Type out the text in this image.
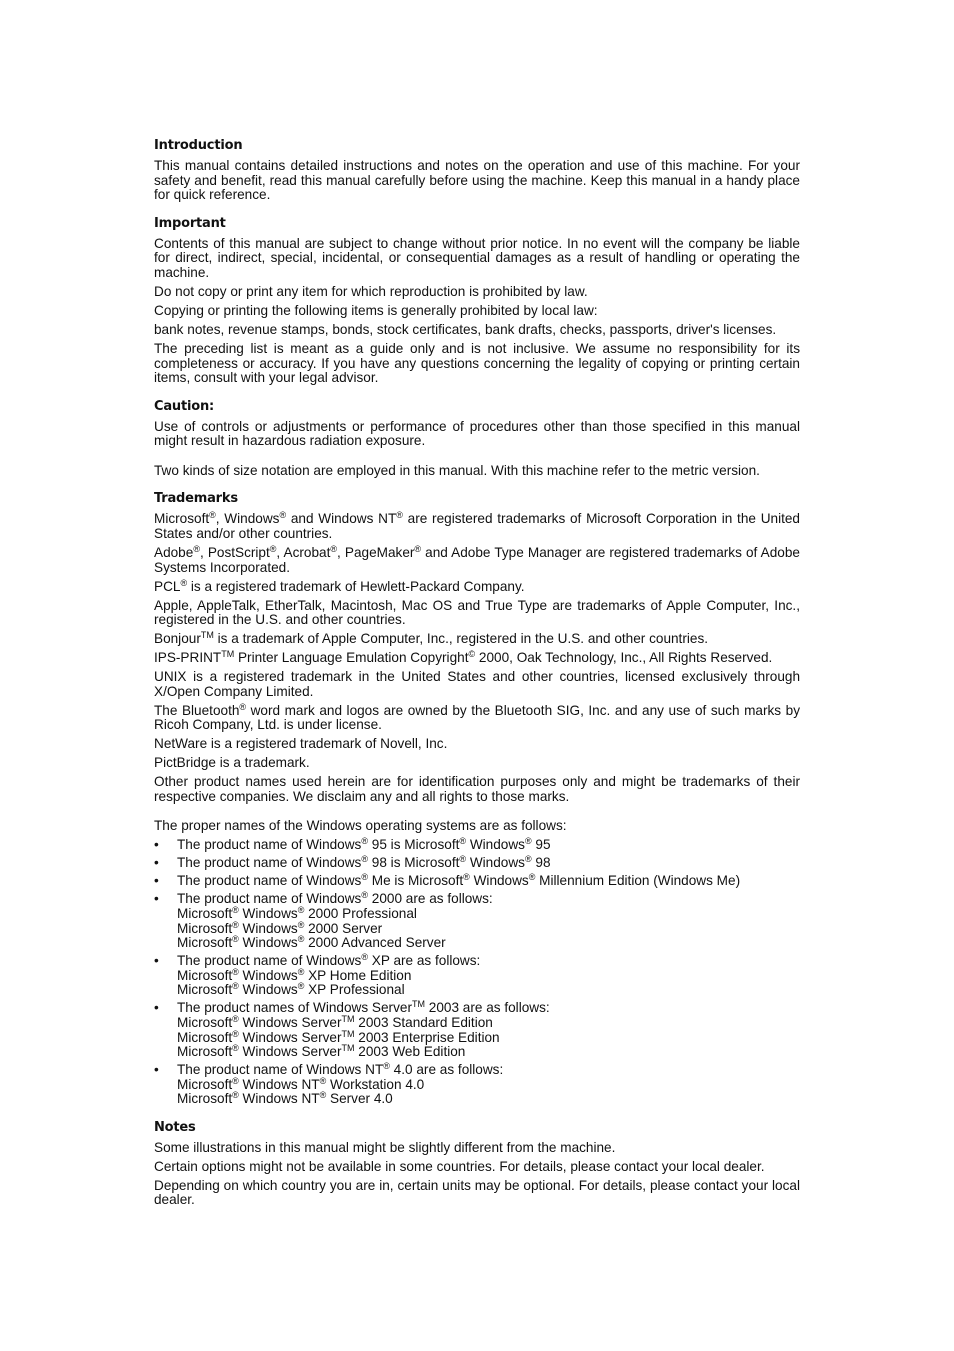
Introduction

This manual contains detailed instructions and notes on the operation and use of this machine. For your safety and benefit, read this manual carefully before using the machine. Keep this manual in a handy place for quick reference.

Important

Contents of this manual are subject to change without prior notice. In no event will the company be liable for direct, indirect, special, incidental, or consequential damages as a result of handling or operating the machine.

Do not copy or print any item for which reproduction is prohibited by law.

Copying or printing the following items is generally prohibited by local law:

bank notes, revenue stamps, bonds, stock certificates, bank drafts, checks, passports, driver's licenses.

The preceding list is meant as a guide only and is not inclusive. We assume no responsibility for its completeness or accuracy. If you have any questions concerning the legality of copying or printing certain items, consult with your legal advisor.

Caution:

Use of controls or adjustments or performance of procedures other than those specified in this manual might result in hazardous radiation exposure.

Two kinds of size notation are employed in this manual. With this machine refer to the metric version.

Trademarks

Microsoft®, Windows® and Windows NT® are registered trademarks of Microsoft Corporation in the United States and/or other countries.

Adobe®, PostScript®, Acrobat®, PageMaker® and Adobe Type Manager are registered trademarks of Adobe Systems Incorporated.

PCL® is a registered trademark of Hewlett-Packard Company.

Apple, AppleTalk, EtherTalk, Macintosh, Mac OS and True Type are trademarks of Apple Computer, Inc., registered in the U.S. and other countries.

Bonjour™ is a trademark of Apple Computer, Inc., registered in the U.S. and other countries.

IPS-PRINT™ Printer Language Emulation Copyright© 2000, Oak Technology, Inc., All Rights Reserved.

UNIX is a registered trademark in the United States and other countries, licensed exclusively through X/Open Company Limited.

The Bluetooth® word mark and logos are owned by the Bluetooth SIG, Inc. and any use of such marks by Ricoh Company, Ltd. is under license.

NetWare is a registered trademark of Novell, Inc.

PictBridge is a trademark.

Other product names used herein are for identification purposes only and might be trademarks of their respective companies. We disclaim any and all rights to those marks.

The proper names of the Windows operating systems are as follows:

• The product name of Windows® 95 is Microsoft® Windows® 95
• The product name of Windows® 98 is Microsoft® Windows® 98
• The product name of Windows® Me is Microsoft® Windows® Millennium Edition (Windows Me)
• The product name of Windows® 2000 are as follows:
Microsoft® Windows® 2000 Professional
Microsoft® Windows® 2000 Server
Microsoft® Windows® 2000 Advanced Server
• The product name of Windows® XP are as follows:
Microsoft® Windows® XP Home Edition
Microsoft® Windows® XP Professional
• The product names of Windows Server™ 2003 are as follows:
Microsoft® Windows Server™ 2003 Standard Edition
Microsoft® Windows Server™ 2003 Enterprise Edition
Microsoft® Windows Server™ 2003 Web Edition
• The product name of Windows NT® 4.0 are as follows:
Microsoft® Windows NT® Workstation 4.0
Microsoft® Windows NT® Server 4.0
Notes

Some illustrations in this manual might be slightly different from the machine.

Certain options might not be available in some countries. For details, please contact your local dealer.

Depending on which country you are in, certain units may be optional. For details, please contact your local dealer.
